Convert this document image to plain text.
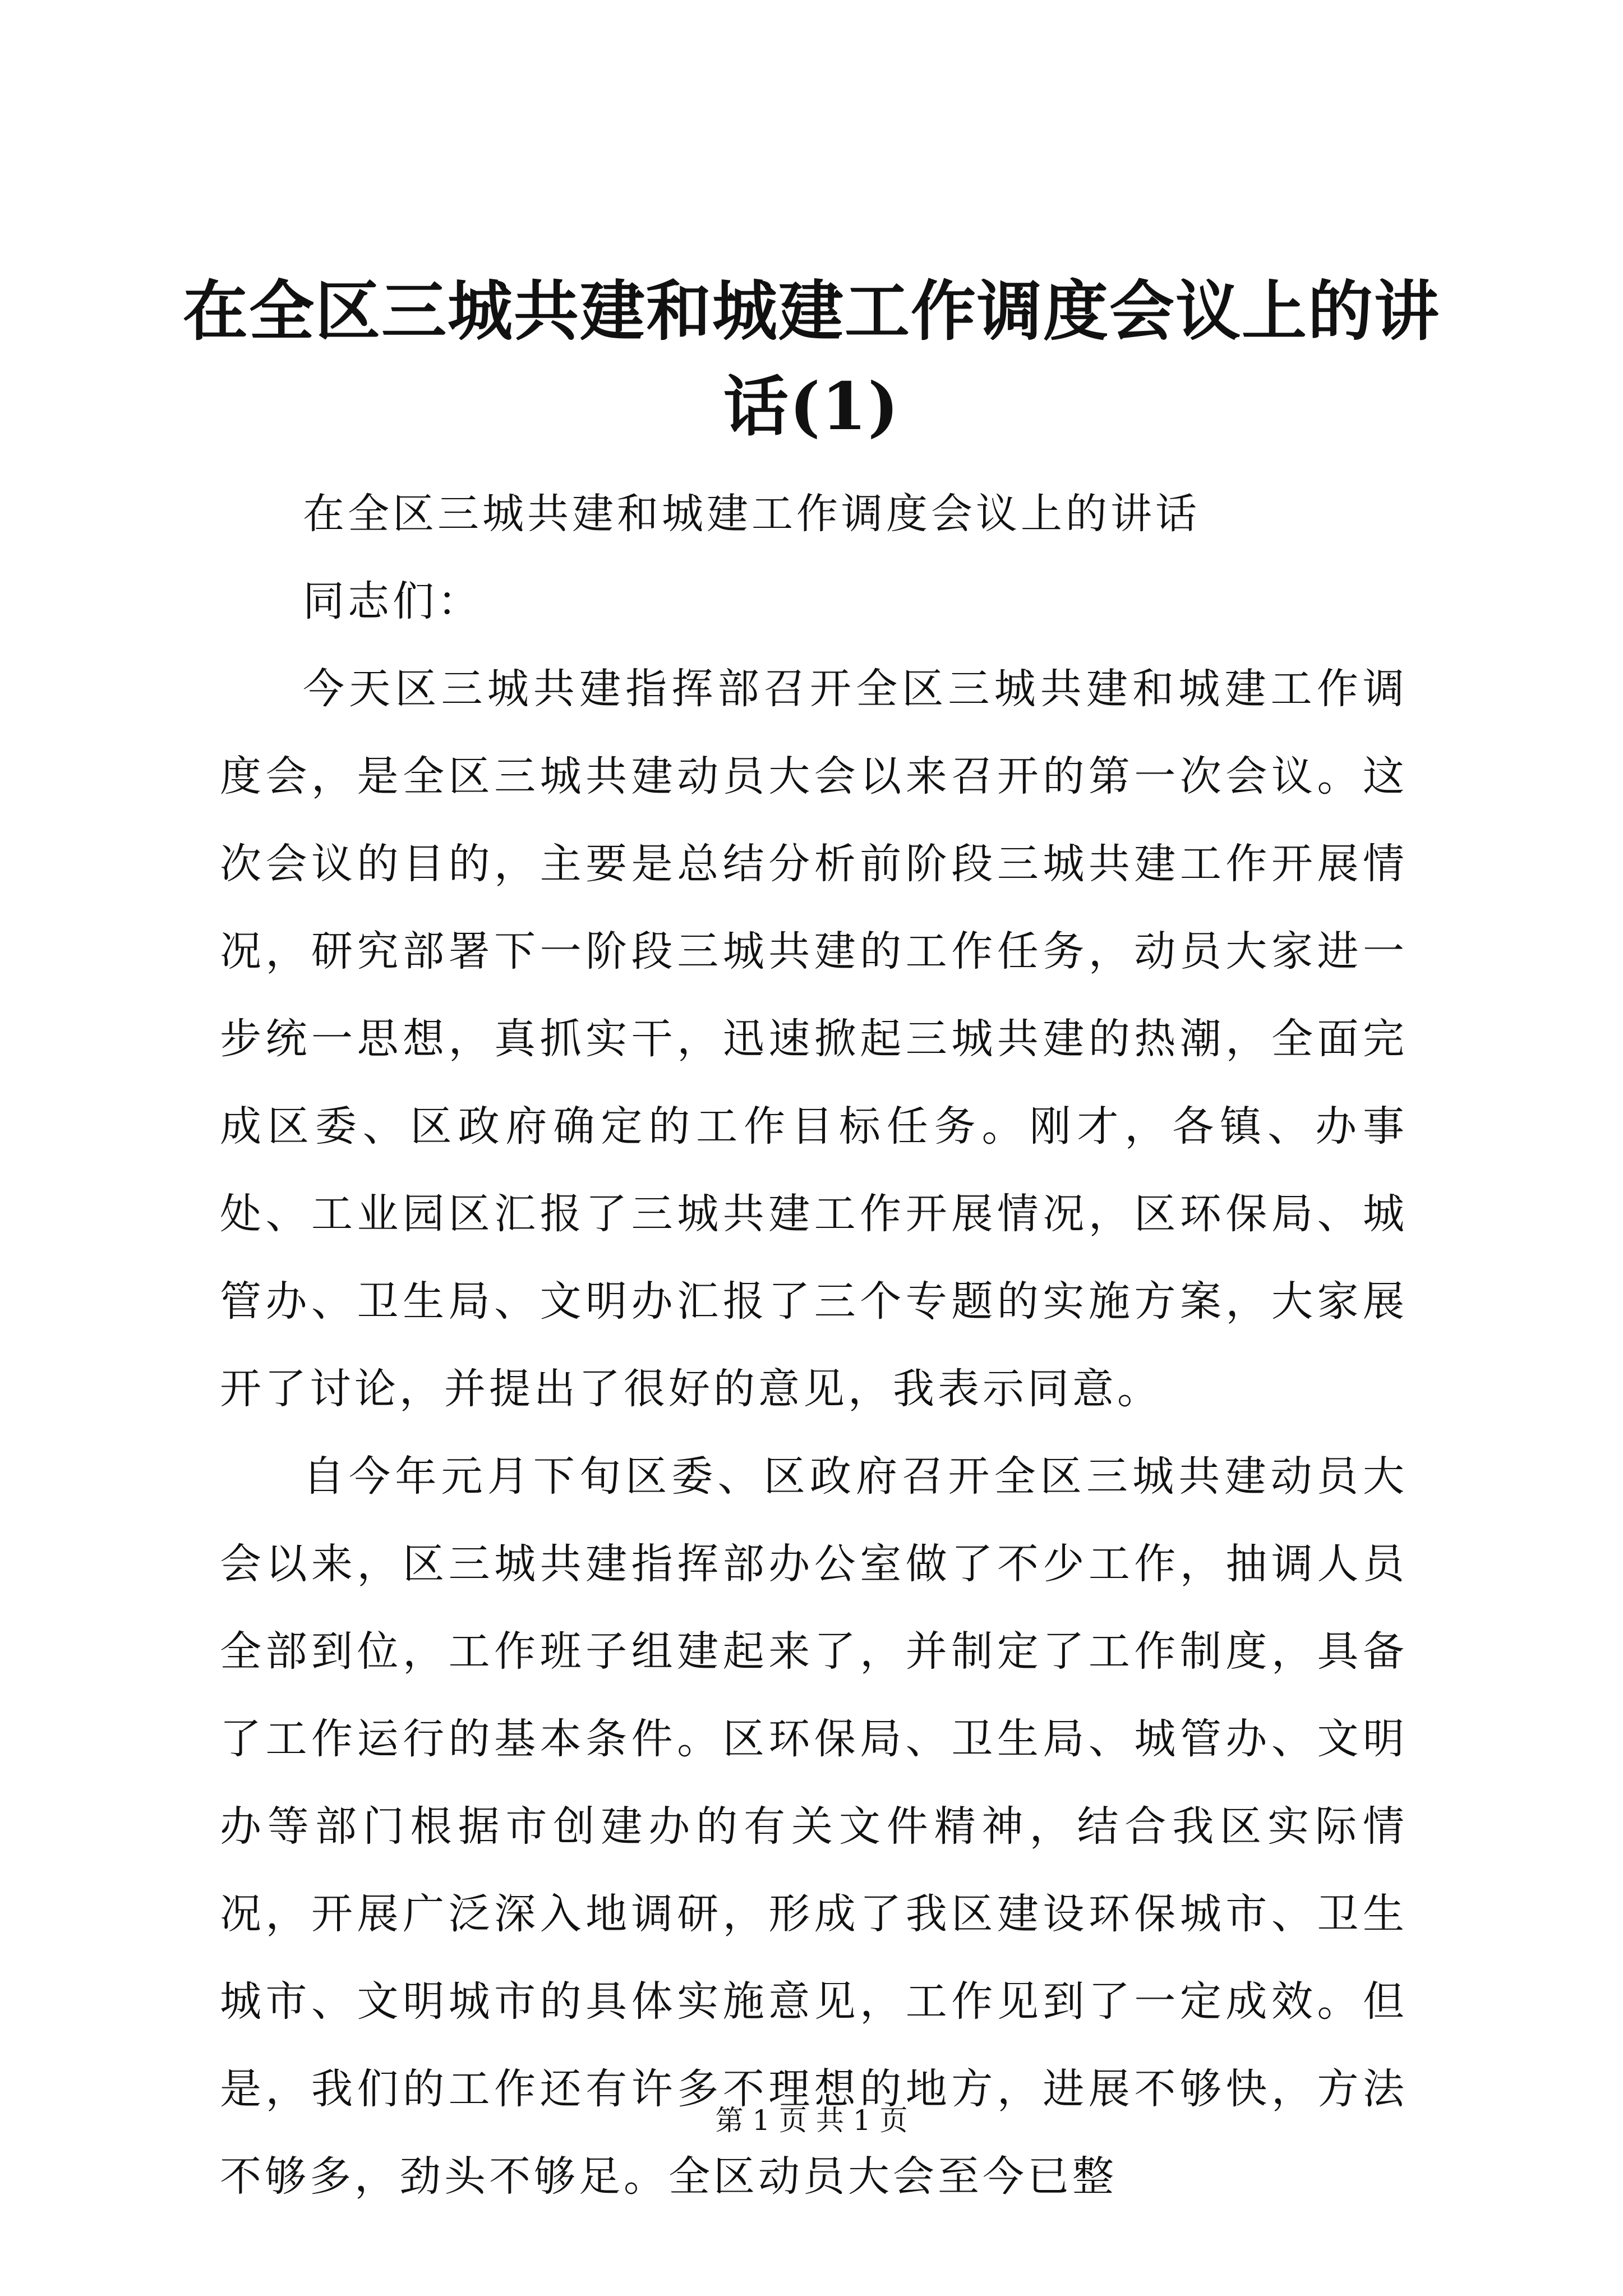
在全区三城共建和城建工作调度会议上的讲话(1)

在全区三城共建和城建工作调度会议上的讲话

同志们：

今天区三城共建指挥部召开全区三城共建和城建工作调度会，是全区三城共建动员大会以来召开的第一次会议。这次会议的目的，主要是总结分析前阶段三城共建工作开展情况，研究部署下一阶段三城共建的工作任务，动员大家进一步统一思想，真抓实干，迅速掀起三城共建的热潮，全面完成区委、区政府确定的工作目标任务。刚才，各镇、办事处、工业园区汇报了三城共建工作开展情况，区环保局、城管办、卫生局、文明办汇报了三个专题的实施方案，大家展开了讨论，并提出了很好的意见，我表示同意。

自今年元月下旬区委、区政府召开全区三城共建动员大会以来，区三城共建指挥部办公室做了不少工作，抽调人员全部到位，工作班子组建起来了，并制定了工作制度，具备了工作运行的基本条件。区环保局、卫生局、城管办、文明办等部门根据市创建办的有关文件精神，结合我区实际情况，开展广泛深入地调研，形成了我区建设环保城市、卫生城市、文明城市的具体实施意见，工作见到了一定成效。但是，我们的工作还有许多不理想的地方，进展不够快，方法不够多，劲头不够足。全区动员大会至今已整

第 1 页 共 1 页
